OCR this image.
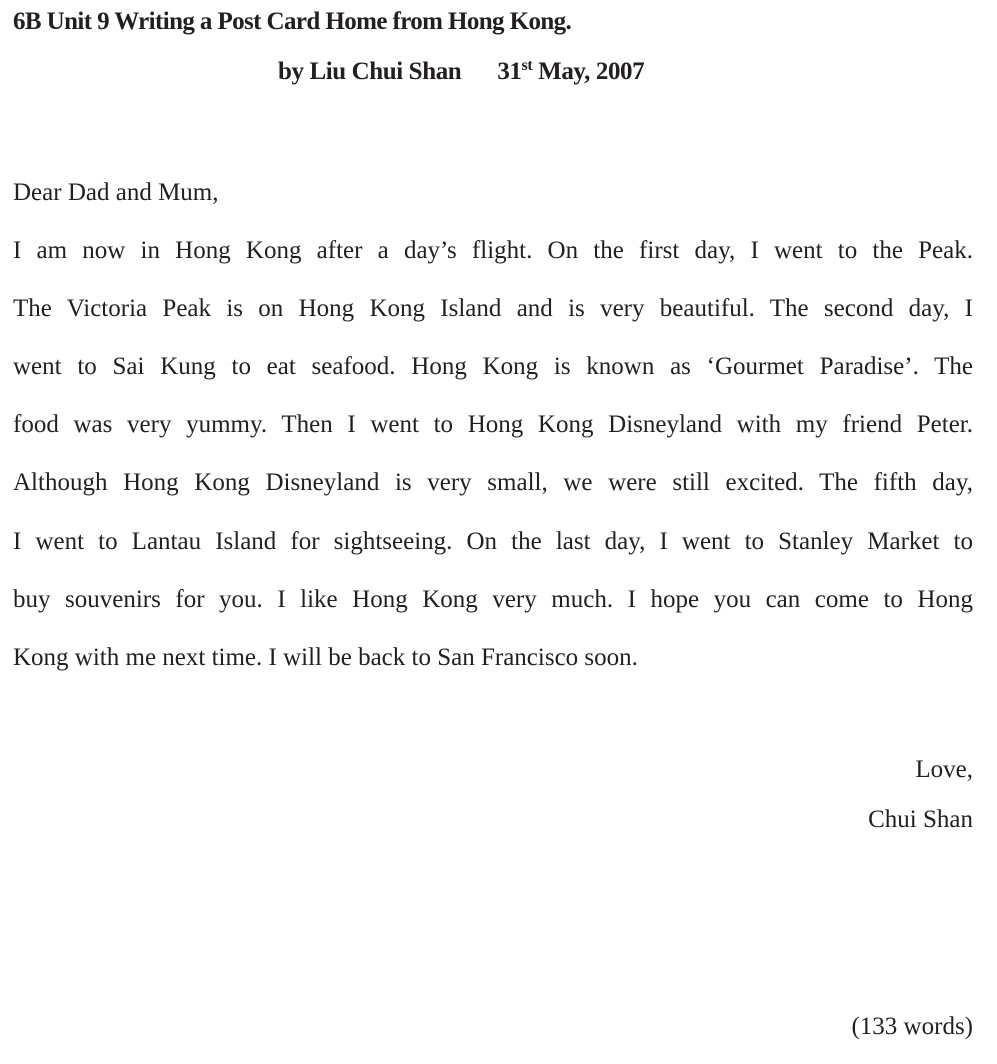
6B Unit 9 Writing a Post Card Home from Hong Kong.
by Liu Chui Shan 31st May, 2007
Dear Dad and Mum,
I am now in Hong Kong after a day’s flight. On the first day, I went to the Peak.
The Victoria Peak is on Hong Kong Island and is very beautiful. The second day, I
went to Sai Kung to eat seafood. Hong Kong is known as ‘Gourmet Paradise’. The
food was very yummy. Then I went to Hong Kong Disneyland with my friend Peter.
Although Hong Kong Disneyland is very small, we were still excited. The fifth day,
I went to Lantau Island for sightseeing. On the last day, I went to Stanley Market to
buy souvenirs for you. I like Hong Kong very much. I hope you can come to Hong
Kong with me next time. I will be back to San Francisco soon.
Love,
Chui Shan
(133 words)
